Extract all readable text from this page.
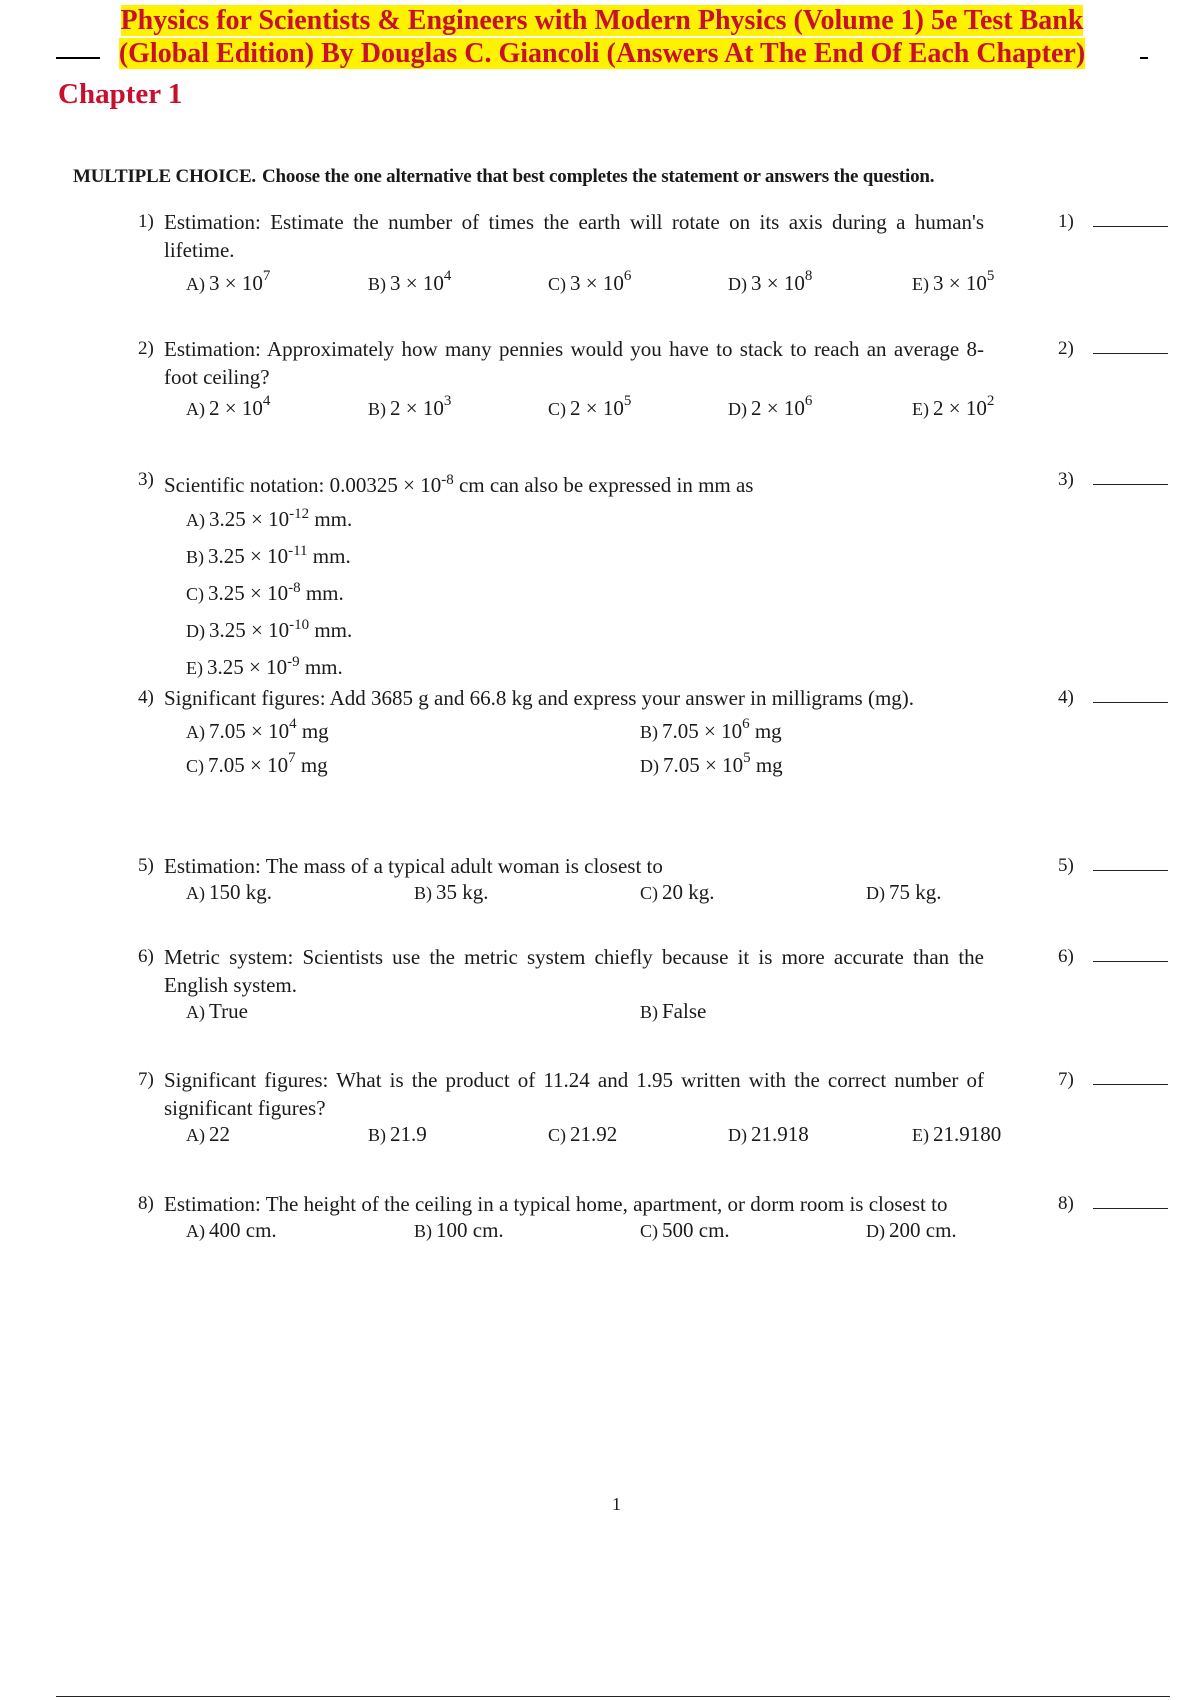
Physics for Scientists & Engineers with Modern Physics (Volume 1) 5e Test Bank
(Global Edition) By Douglas C. Giancoli (Answers At The End Of Each Chapter)
Chapter 1
MULTIPLE CHOICE. Choose the one alternative that best completes the statement or answers the question.
1) Estimation: Estimate the number of times the earth will rotate on its axis during a human's lifetime.
1)
A) $3 \times 10^7$	B) $3 \times 10^4$	C) $3 \times 10^6$	D) $3 \times 10^8$	E) $3 \times 10^5$
2) Estimation: Approximately how many pennies would you have to stack to reach an average 8-foot ceiling?
2)
A) $2 \times 10^4$	B) $2 \times 10^3$	C) $2 \times 10^5$	D) $2 \times 10^6$	E) $2 \times 10^2$
3) Scientific notation: $0.00325 \times 10^{-8}$ cm can also be expressed in mm as	3)
A) $3.25 \times 10^{-12}$ mm.
B) $3.25 \times 10^{-11}$ mm.
C) $3.25 \times 10^{-8}$ mm.
D) $3.25 \times 10^{-10}$ mm.
E) $3.25 \times 10^{-9}$ mm.
4) Significant figures: Add 3685 g and 66.8 kg and express your answer in milligrams (mg).	4)
A) $7.05 \times 10^4$ mg	B) $7.05 \times 10^6$ mg
C) $7.05 \times 10^7$ mg	D) $7.05 \times 10^5$ mg
5) Estimation: The mass of a typical adult woman is closest to	5)
A) 150 kg.	B) 35 kg.	C) 20 kg.	D) 75 kg.
6) Metric system: Scientists use the metric system chiefly because it is more accurate than the English system.
6)
A) True	B) False
7) Significant figures: What is the product of 11.24 and 1.95 written with the correct number of significant figures?
7)
A) 22	B) 21.9	C) 21.92	D) 21.918	E) 21.9180
8) Estimation: The height of the ceiling in a typical home, apartment, or dorm room is closest to	8)
A) 400 cm.	B) 100 cm.	C) 500 cm.	D) 200 cm.
1
